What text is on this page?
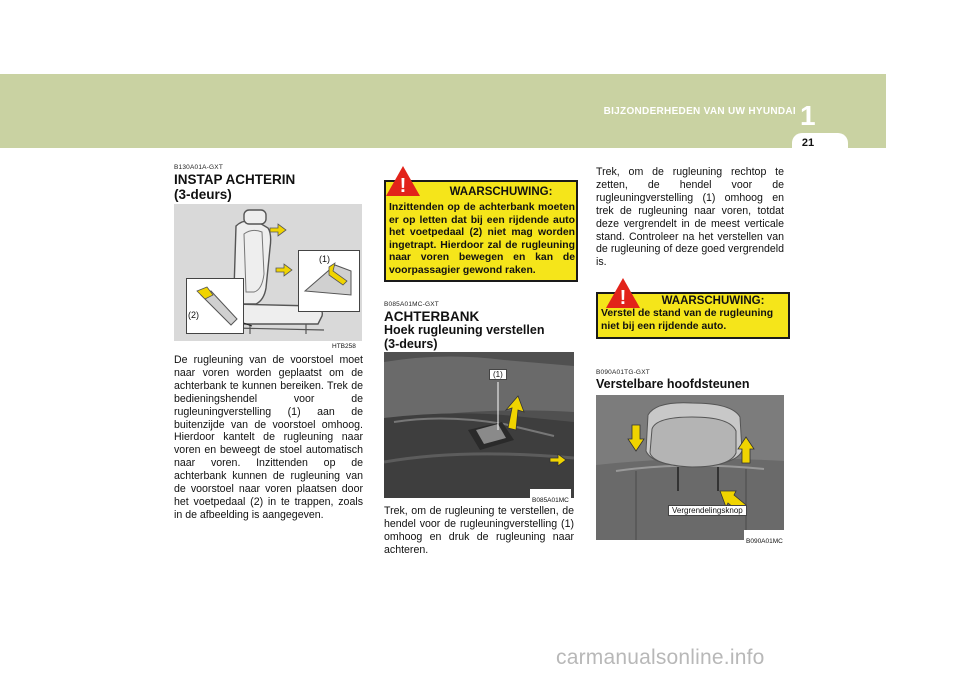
BIJZONDERHEDEN VAN UW HYUNDAI 1
21
B130A01A-GXT
INSTAP ACHTERIN
(3-deurs)
(1)
(2)
HTB258
De rugleuning van de voorstoel moet naar voren worden geplaatst om de achterbank te kunnen bereiken. Trek de bedieningshendel voor de rugleuningverstelling (1) aan de buitenzijde van de voorstoel omhoog. Hierdoor kantelt de rugleuning naar voren en beweegt de stoel automatisch naar voren. Inzittenden op de achterbank kunnen de rugleuning van de voorstoel naar voren plaatsen door het voetpedaal (2) in te trappen, zoals in de afbeelding is aangegeven.
WAARSCHUWING:
Inzittenden op de achterbank moeten er op letten dat bij een rijdende auto het voetpedaal (2) niet mag worden ingetrapt. Hierdoor zal de rugleuning naar voren bewegen en kan de voorpassagier gewond raken.
!
B085A01MC-GXT
ACHTERBANK
Hoek rugleuning verstellen
(3-deurs)
(1)
B085A01MC
Trek, om de rugleuning te verstellen, de hendel voor de rugleuningverstelling (1) omhoog en druk de rugleuning naar achteren.
Trek, om de rugleuning rechtop te zetten, de hendel voor de rugleuningverstelling (1) omhoog en trek de rugleuning naar voren, totdat deze vergrendelt in de meest verticale stand. Controleer na het verstellen van de rugleuning of deze goed vergrendeld is.
WAARSCHUWING:
Verstel de stand van de rugleuning niet bij een rijdende auto.
!
B090A01TG-GXT
Verstelbare hoofdsteunen
Vergrendelingsknop
B090A01MC
carmanualsonline.info
